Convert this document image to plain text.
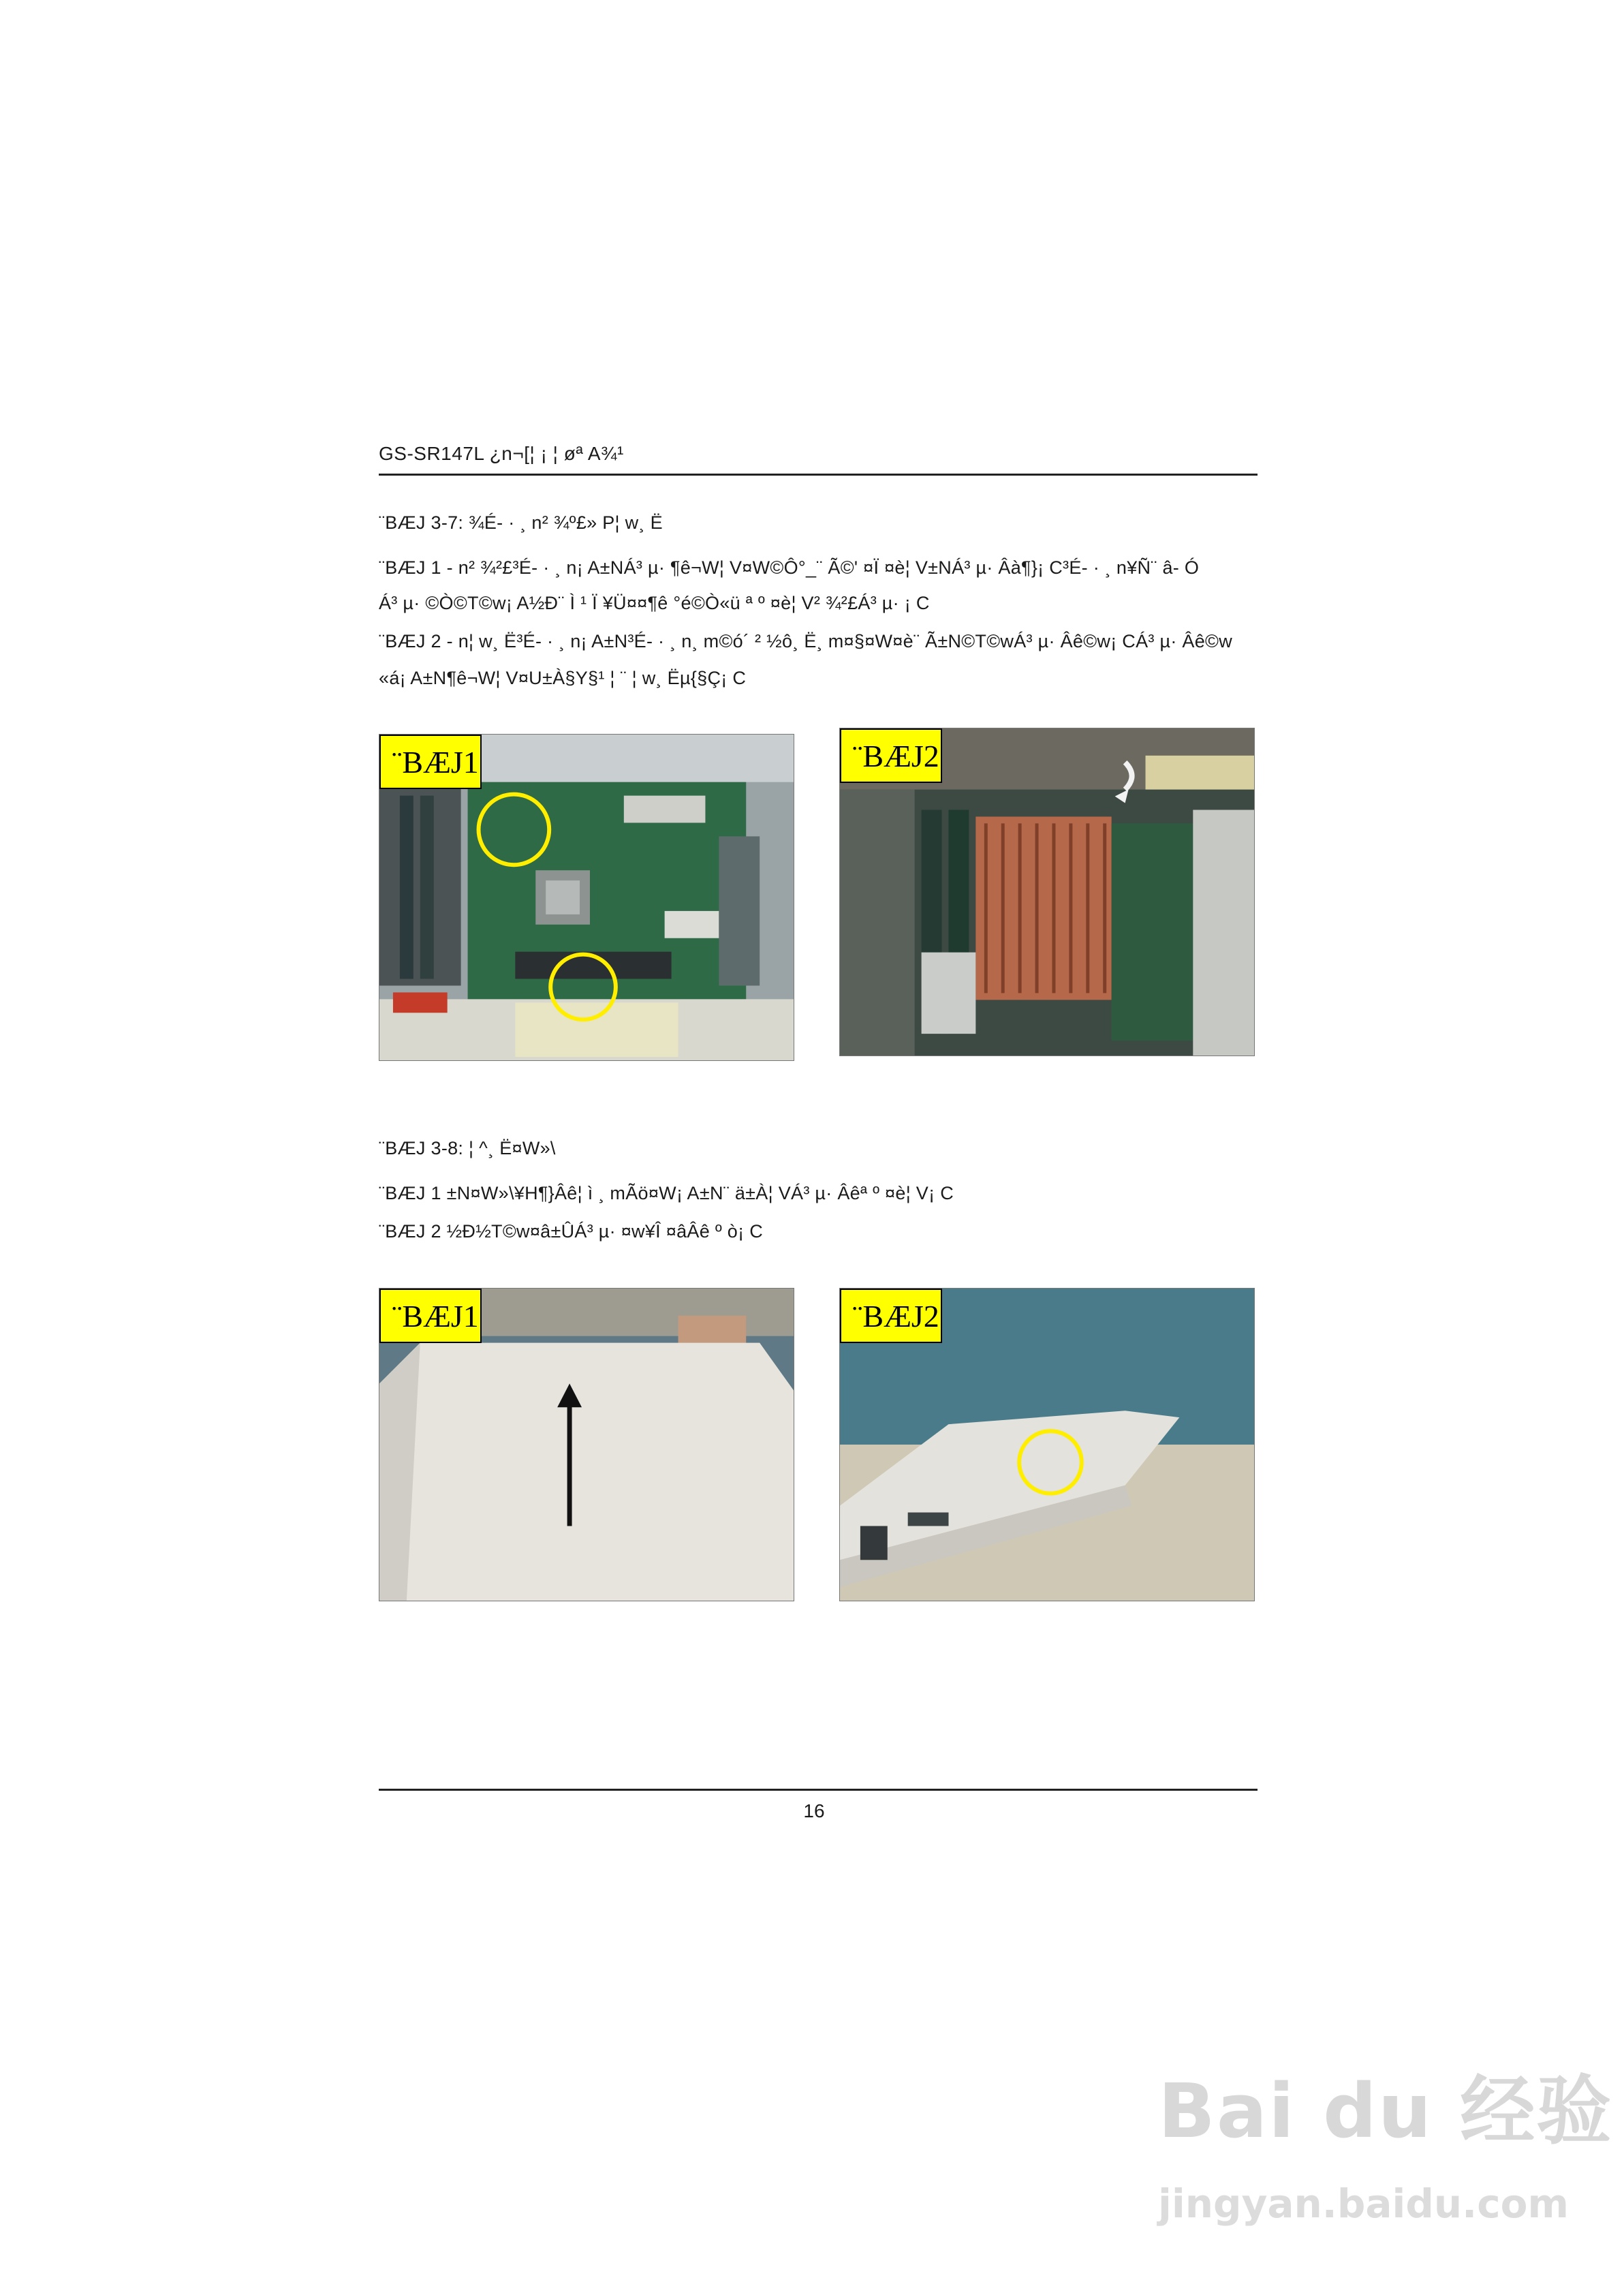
GS-SR147L ¿n¬[¦ ¡ ¦ øª A¾¹
¨BÆJ 3-7: ¾É- · ¸ n² ¾º£» P¦ w¸ Ë
¨BÆJ 1 - n² ¾²£³É- · ¸ n¡ A±NÁ³ µ· ¶ê¬W¦ V¤W©Ô°_¨ Ã©' ¤Ï ¤è¦ V±NÁ³ µ· Âà¶}¡ C³É- · ¸ n¥Ñ¨ â- Ó
Á³ µ· ©Ò©T©w¡ A½Ð¨ Ì ¹ Ï ¥Ü¤¤¶ê °é©Ò«ü ª º ¤è¦ V² ¾²£Á³ µ· ¡ C
¨BÆJ 2 - n¦ w¸ Ë³É- · ¸ n¡ A±N³É- · ¸ n¸ m©ó´ ² ½ô¸ Ë¸ m¤§¤W¤è¨ Ã±N©T©wÁ³ µ· Âê©w¡ CÁ³ µ· Âê©w
«á¡ A±N¶ê¬W¦ V¤U±À§Y§¹ ¦ ¨ ¦ w¸ Ëµ{§Ç¡ C
¨BÆJ1	¨BÆJ2
¨BÆJ 3-8: ¦ ^¸ Ë¤W»\
¨BÆJ 1 ±N¤W»\¥H¶}Âê¦ ì ¸ mÃö¤W¡ A±N¨ ä±À¦ VÁ³ µ· Âêª º ¤è¦ V¡ C
¨BÆJ 2 ½Ð½T©w¤â±ÛÁ³ µ· ¤w¥Î ¤âÂê º ò¡ C
¨BÆJ1	¨BÆJ2
16
Bai du 经验
jingyan.baidu.com
